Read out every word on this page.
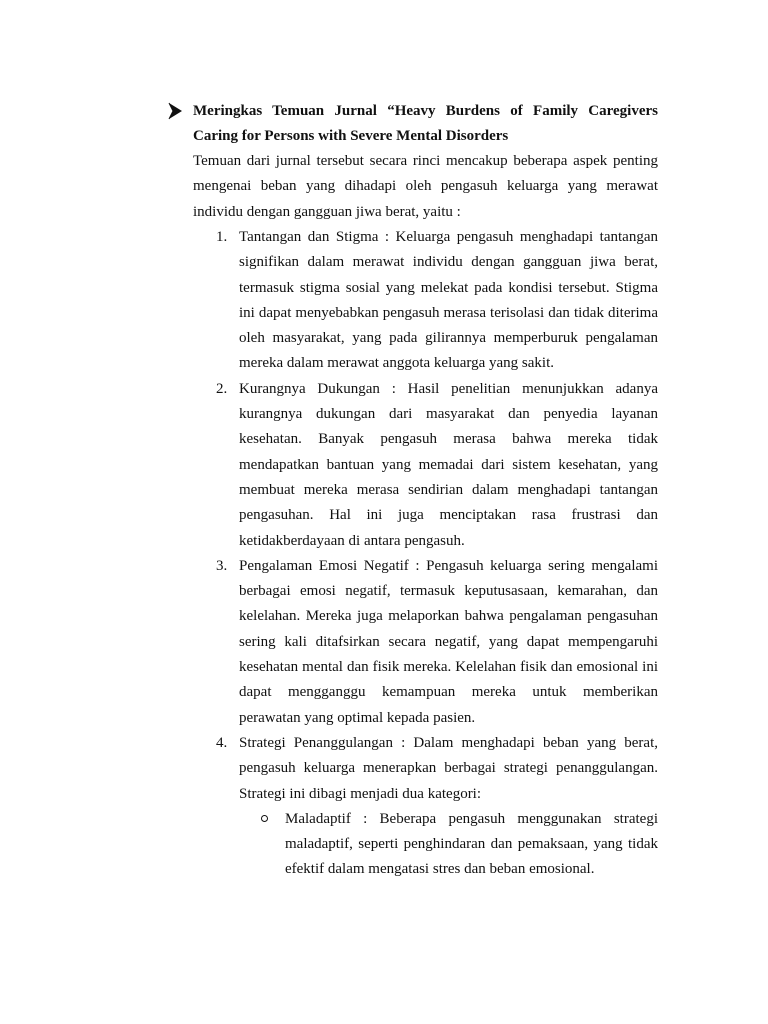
Meringkas Temuan Jurnal “Heavy Burdens of Family Caregivers
Caring for Persons with Severe Mental Disorders

Temuan dari jurnal tersebut secara rinci mencakup beberapa aspek penting mengenai beban yang dihadapi oleh pengasuh keluarga yang merawat individu dengan gangguan jiwa berat, yaitu :

1. Tantangan dan Stigma : Keluarga pengasuh menghadapi tantangan signifikan dalam merawat individu dengan gangguan jiwa berat, termasuk stigma sosial yang melekat pada kondisi tersebut. Stigma ini dapat menyebabkan pengasuh merasa terisolasi dan tidak diterima oleh masyarakat, yang pada gilirannya memperburuk pengalaman mereka dalam merawat anggota keluarga yang sakit.
2. Kurangnya Dukungan : Hasil penelitian menunjukkan adanya kurangnya dukungan dari masyarakat dan penyedia layanan kesehatan. Banyak pengasuh merasa bahwa mereka tidak mendapatkan bantuan yang memadai dari sistem kesehatan, yang membuat mereka merasa sendirian dalam menghadapi tantangan pengasuhan. Hal ini juga menciptakan rasa frustrasi dan ketidakberdayaan di antara pengasuh.
3. Pengalaman Emosi Negatif : Pengasuh keluarga sering mengalami berbagai emosi negatif, termasuk keputusasaan, kemarahan, dan kelelahan. Mereka juga melaporkan bahwa pengalaman pengasuhan sering kali ditafsirkan secara negatif, yang dapat mempengaruhi kesehatan mental dan fisik mereka. Kelelahan fisik dan emosional ini dapat mengganggu kemampuan mereka untuk memberikan perawatan yang optimal kepada pasien.
4. Strategi Penanggulangan : Dalam menghadapi beban yang berat, pengasuh keluarga menerapkan berbagai strategi penanggulangan. Strategi ini dibagi menjadi dua kategori:
Maladaptif : Beberapa pengasuh menggunakan strategi maladaptif, seperti penghindaran dan pemaksaan, yang tidak efektif dalam mengatasi stres dan beban emosional.
